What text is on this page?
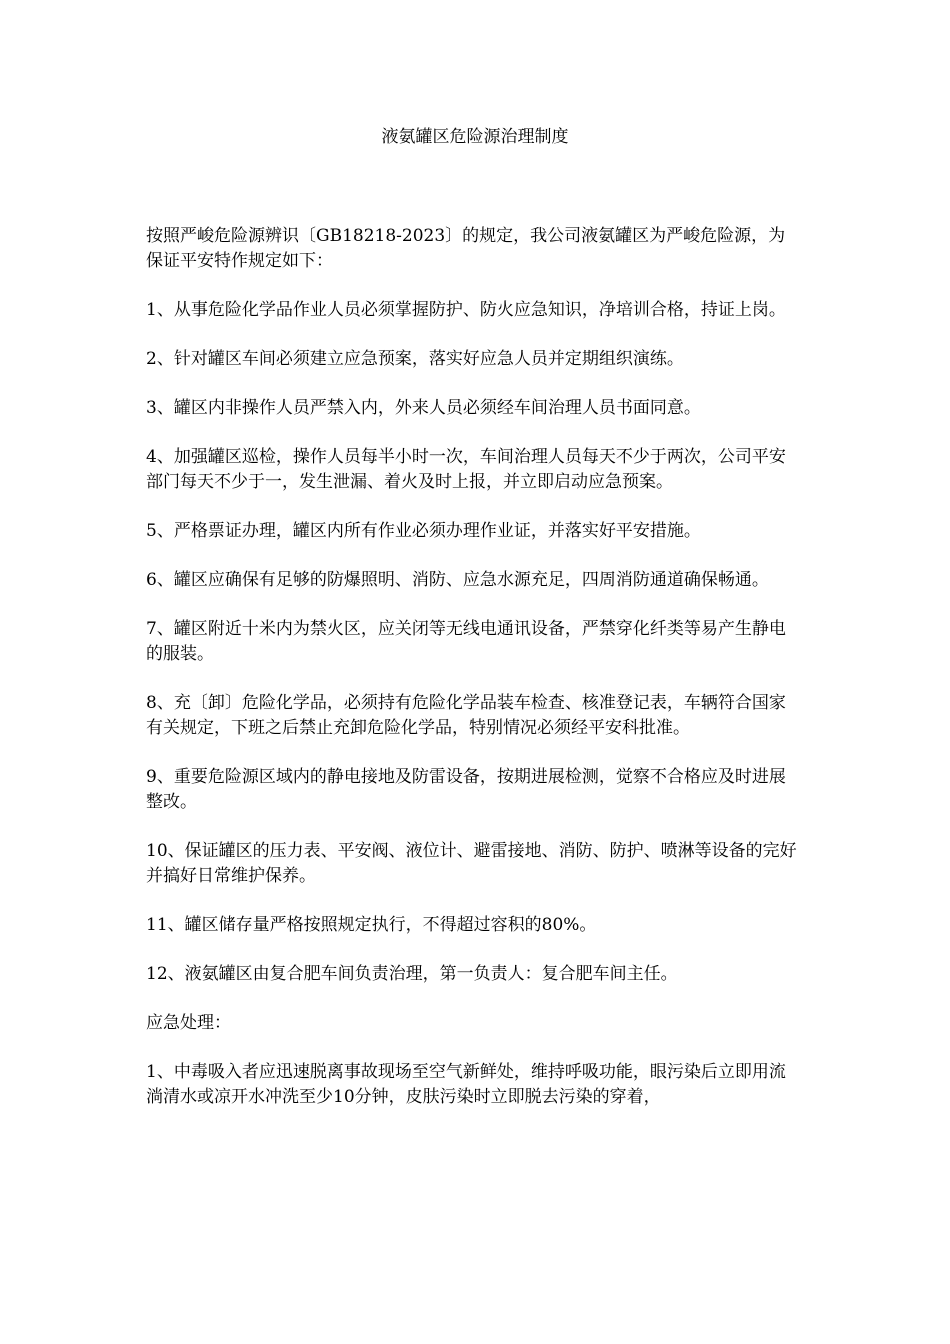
液氨罐区危险源治理制度

按照严峻危险源辨识〔GB18218-2023〕的规定，我公司液氨罐区为严峻危险源，为保证平安特作规定如下：

1、从事危险化学品作业人员必须掌握防护、防火应急知识，净培训合格，持证上岗。

2、针对罐区车间必须建立应急预案，落实好应急人员并定期组织演练。

3、罐区内非操作人员严禁入内，外来人员必须经车间治理人员书面同意。

4、加强罐区巡检，操作人员每半小时一次，车间治理人员每天不少于两次，公司平安部门每天不少于一，发生泄漏、着火及时上报，并立即启动应急预案。

5、严格票证办理，罐区内所有作业必须办理作业证，并落实好平安措施。

6、罐区应确保有足够的防爆照明、消防、应急水源充足，四周消防通道确保畅通。

7、罐区附近十米内为禁火区，应关闭等无线电通讯设备，严禁穿化纤类等易产生静电的服装。

8、充〔卸〕危险化学品，必须持有危险化学品装车检查、核准登记表，车辆符合国家有关规定，下班之后禁止充卸危险化学品，特别情况必须经平安科批准。

9、重要危险源区域内的静电接地及防雷设备，按期进展检测，觉察不合格应及时进展整改。

10、保证罐区的压力表、平安阀、液位计、避雷接地、消防、防护、喷淋等设备的完好并搞好日常维护保养。

11、罐区储存量严格按照规定执行，不得超过容积的80%。

12、液氨罐区由复合肥车间负责治理，第一负责人：复合肥车间主任。

应急处理：

1、中毒吸入者应迅速脱离事故现场至空气新鲜处，维持呼吸功能，眼污染后立即用流淌清水或凉开水冲洗至少10分钟，皮肤污染时立即脱去污染的穿着，
